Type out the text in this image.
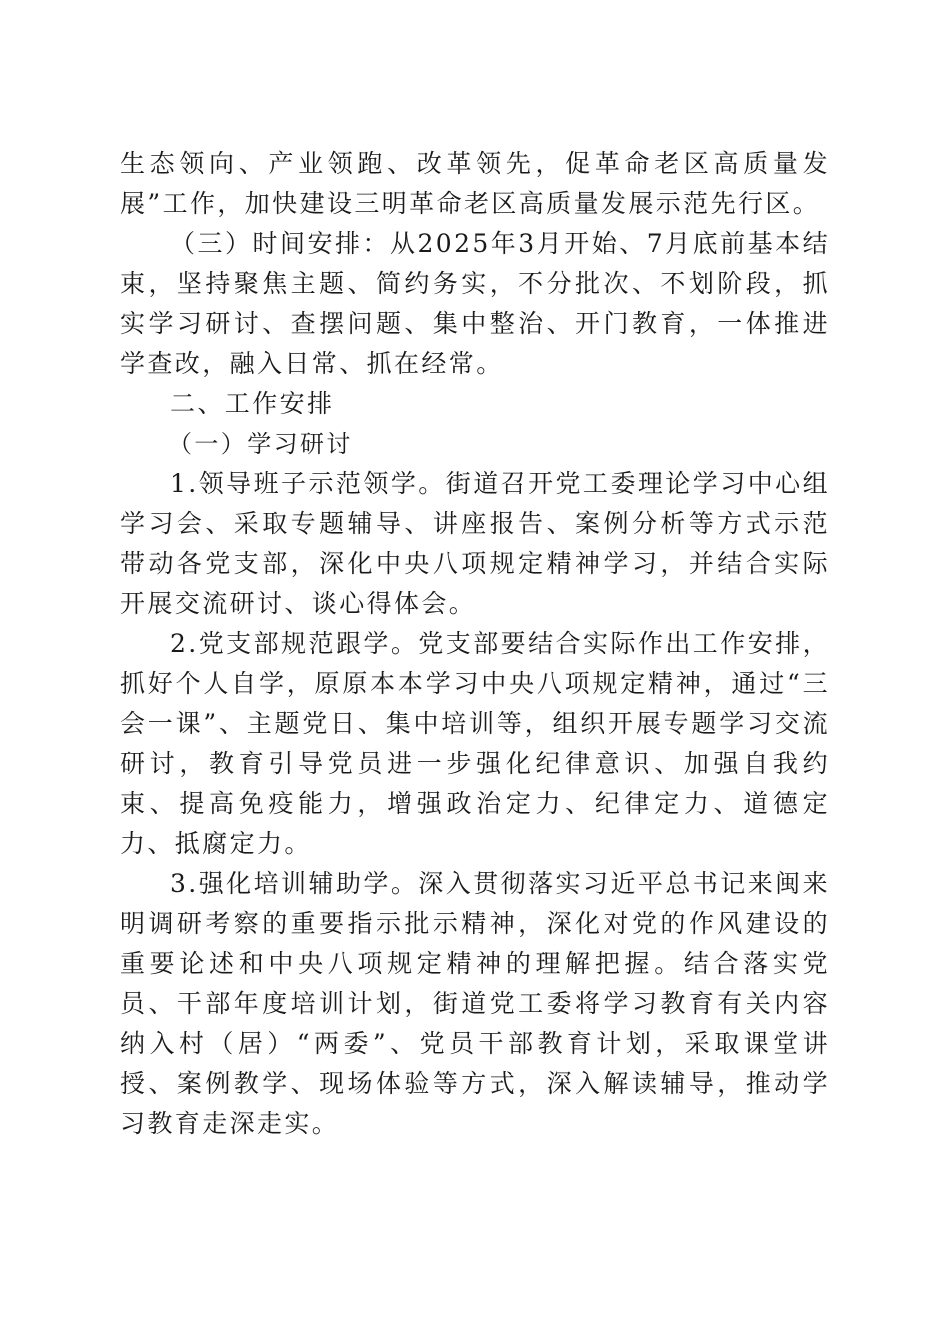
生态领向、产业领跑、改革领先，促革命老区高质量发展”工作，加快建设三明革命老区高质量发展示范先行区。

（三）时间安排：从2025年3月开始、7月底前基本结束，坚持聚焦主题、简约务实，不分批次、不划阶段，抓实学习研讨、查摆问题、集中整治、开门教育，一体推进学查改，融入日常、抓在经常。

二、工作安排

（一）学习研讨

1.领导班子示范领学。街道召开党工委理论学习中心组学习会、采取专题辅导、讲座报告、案例分析等方式示范带动各党支部，深化中央八项规定精神学习，并结合实际开展交流研讨、谈心得体会。

2.党支部规范跟学。党支部要结合实际作出工作安排，抓好个人自学，原原本本学习中央八项规定精神，通过“三会一课”、主题党日、集中培训等，组织开展专题学习交流研讨，教育引导党员进一步强化纪律意识、加强自我约束、提高免疫能力，增强政治定力、纪律定力、道德定力、抵腐定力。

3.强化培训辅助学。深入贯彻落实习近平总书记来闽来明调研考察的重要指示批示精神，深化对党的作风建设的重要论述和中央八项规定精神的理解把握。结合落实党员、干部年度培训计划，街道党工委将学习教育有关内容纳入村（居）“两委”、党员干部教育计划，采取课堂讲授、案例教学、现场体验等方式，深入解读辅导，推动学习教育走深走实。
